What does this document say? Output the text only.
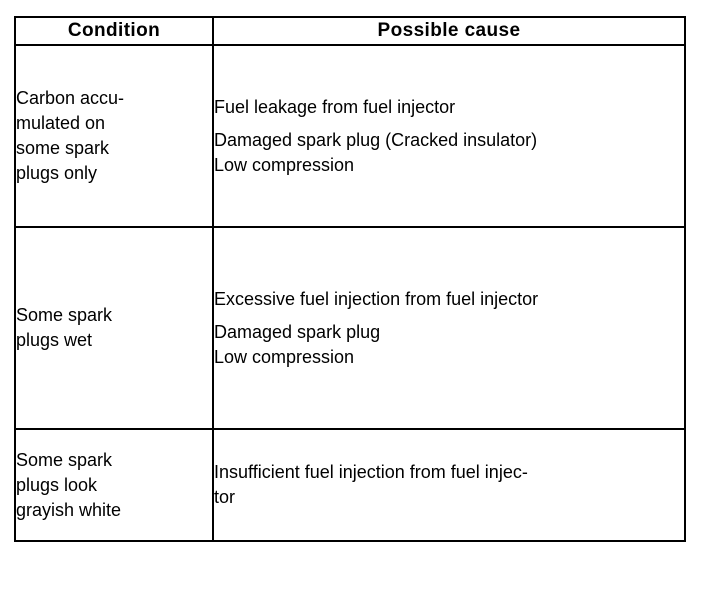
Condition	Possible cause

Carbon accu-
mulated on
some spark
plugs only	Fuel leakage from fuel injector
Damaged spark plug (Cracked insulator)
Low compression

Some spark
plugs wet	Excessive fuel injection from fuel injector
Damaged spark plug
Low compression

Some spark
plugs look
grayish white	Insufficient fuel injection from fuel injec-
tor
